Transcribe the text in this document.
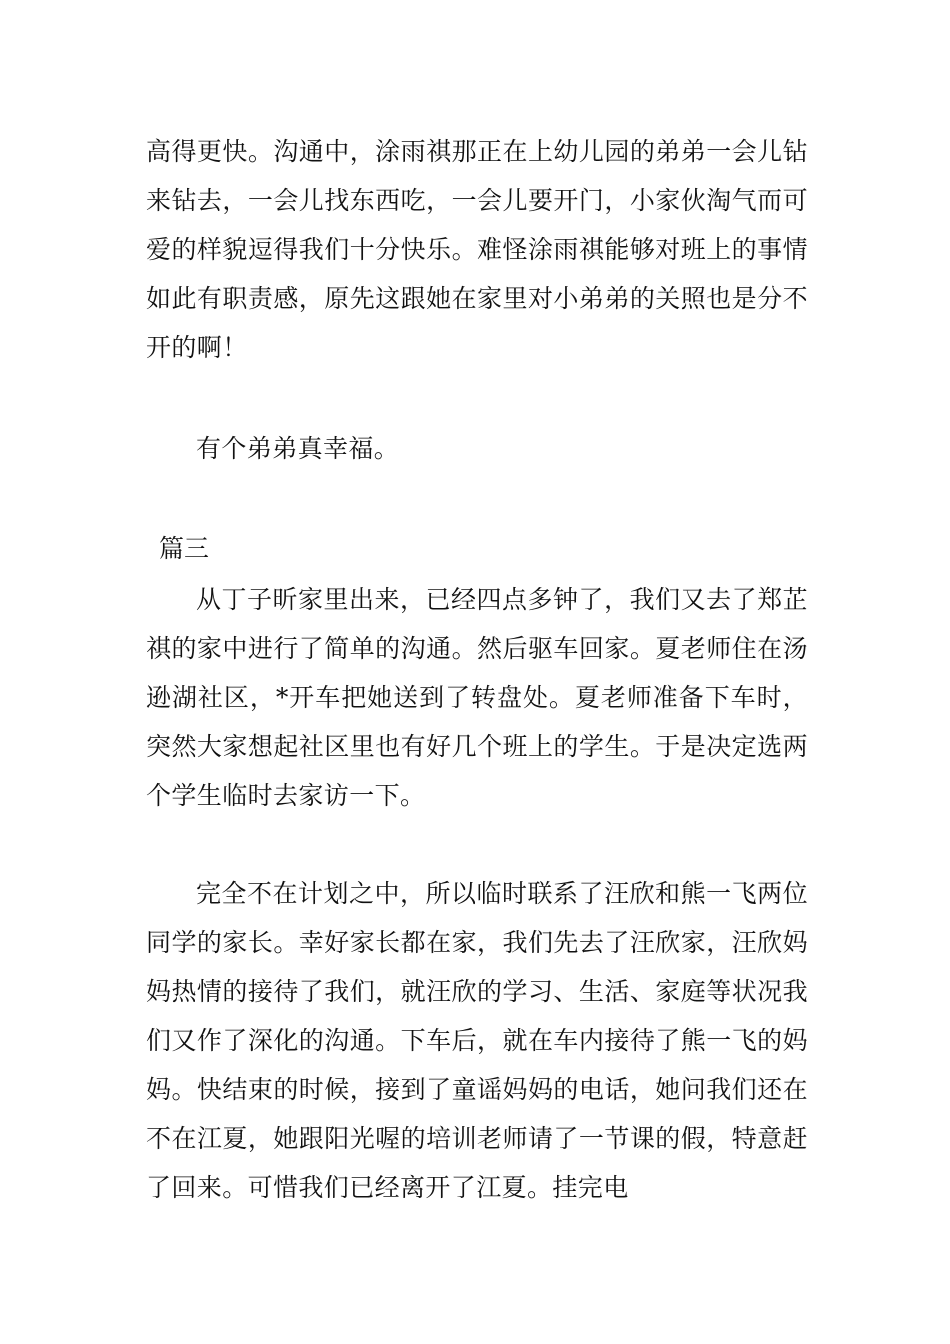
高得更快。沟通中，涂雨祺那正在上幼儿园的弟弟一会儿钻来钻去，一会儿找东西吃，一会儿要开门，小家伙淘气而可爱的样貌逗得我们十分快乐。难怪涂雨祺能够对班上的事情如此有职责感，原先这跟她在家里对小弟弟的关照也是分不开的啊！

有个弟弟真幸福。

篇三

从丁子昕家里出来，已经四点多钟了，我们又去了郑芷祺的家中进行了简单的沟通。然后驱车回家。夏老师住在汤逊湖社区，*开车把她送到了转盘处。夏老师准备下车时，突然大家想起社区里也有好几个班上的学生。于是决定选两个学生临时去家访一下。

完全不在计划之中，所以临时联系了汪欣和熊一飞两位同学的家长。幸好家长都在家，我们先去了汪欣家，汪欣妈妈热情的接待了我们，就汪欣的学习、生活、家庭等状况我们又作了深化的沟通。下车后，就在车内接待了熊一飞的妈妈。快结束的时候，接到了童谣妈妈的电话，她问我们还在不在江夏，她跟阳光喔的培训老师请了一节课的假，特意赶了回来。可惜我们已经离开了江夏。挂完电
